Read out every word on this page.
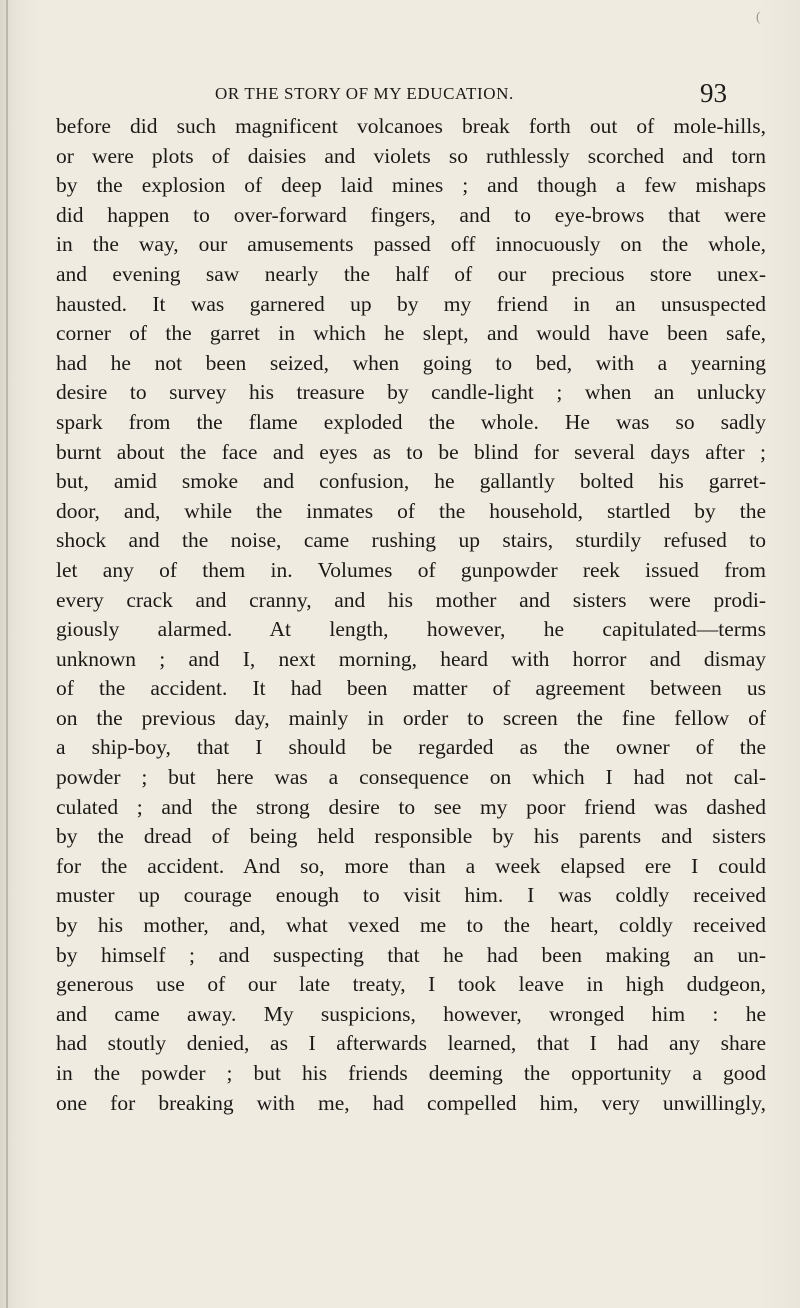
(
OR THE STORY OF MY EDUCATION.	93
before did such magnificent volcanoes break forth out of mole-hills,
or were plots of daisies and violets so ruthlessly scorched and torn
by the explosion of deep laid mines ; and though a few mishaps
did happen to over-forward fingers, and to eye-brows that were
in the way, our amusements passed off innocuously on the whole,
and evening saw nearly the half of our precious store unex-
hausted. It was garnered up by my friend in an unsuspected
corner of the garret in which he slept, and would have been safe,
had he not been seized, when going to bed, with a yearning
desire to survey his treasure by candle-light ; when an unlucky
spark from the flame exploded the whole. He was so sadly
burnt about the face and eyes as to be blind for several days after ;
but, amid smoke and confusion, he gallantly bolted his garret-
door, and, while the inmates of the household, startled by the
shock and the noise, came rushing up stairs, sturdily refused to
let any of them in. Volumes of gunpowder reek issued from
every crack and cranny, and his mother and sisters were prodi-
giously alarmed. At length, however, he capitulated—terms
unknown ; and I, next morning, heard with horror and dismay
of the accident. It had been matter of agreement between us
on the previous day, mainly in order to screen the fine fellow of
a ship-boy, that I should be regarded as the owner of the
powder ; but here was a consequence on which I had not cal-
culated ; and the strong desire to see my poor friend was dashed
by the dread of being held responsible by his parents and sisters
for the accident. And so, more than a week elapsed ere I could
muster up courage enough to visit him. I was coldly received
by his mother, and, what vexed me to the heart, coldly received
by himself ; and suspecting that he had been making an un-
generous use of our late treaty, I took leave in high dudgeon,
and came away. My suspicions, however, wronged him : he
had stoutly denied, as I afterwards learned, that I had any share
in the powder ; but his friends deeming the opportunity a good
one for breaking with me, had compelled him, very unwillingly,
